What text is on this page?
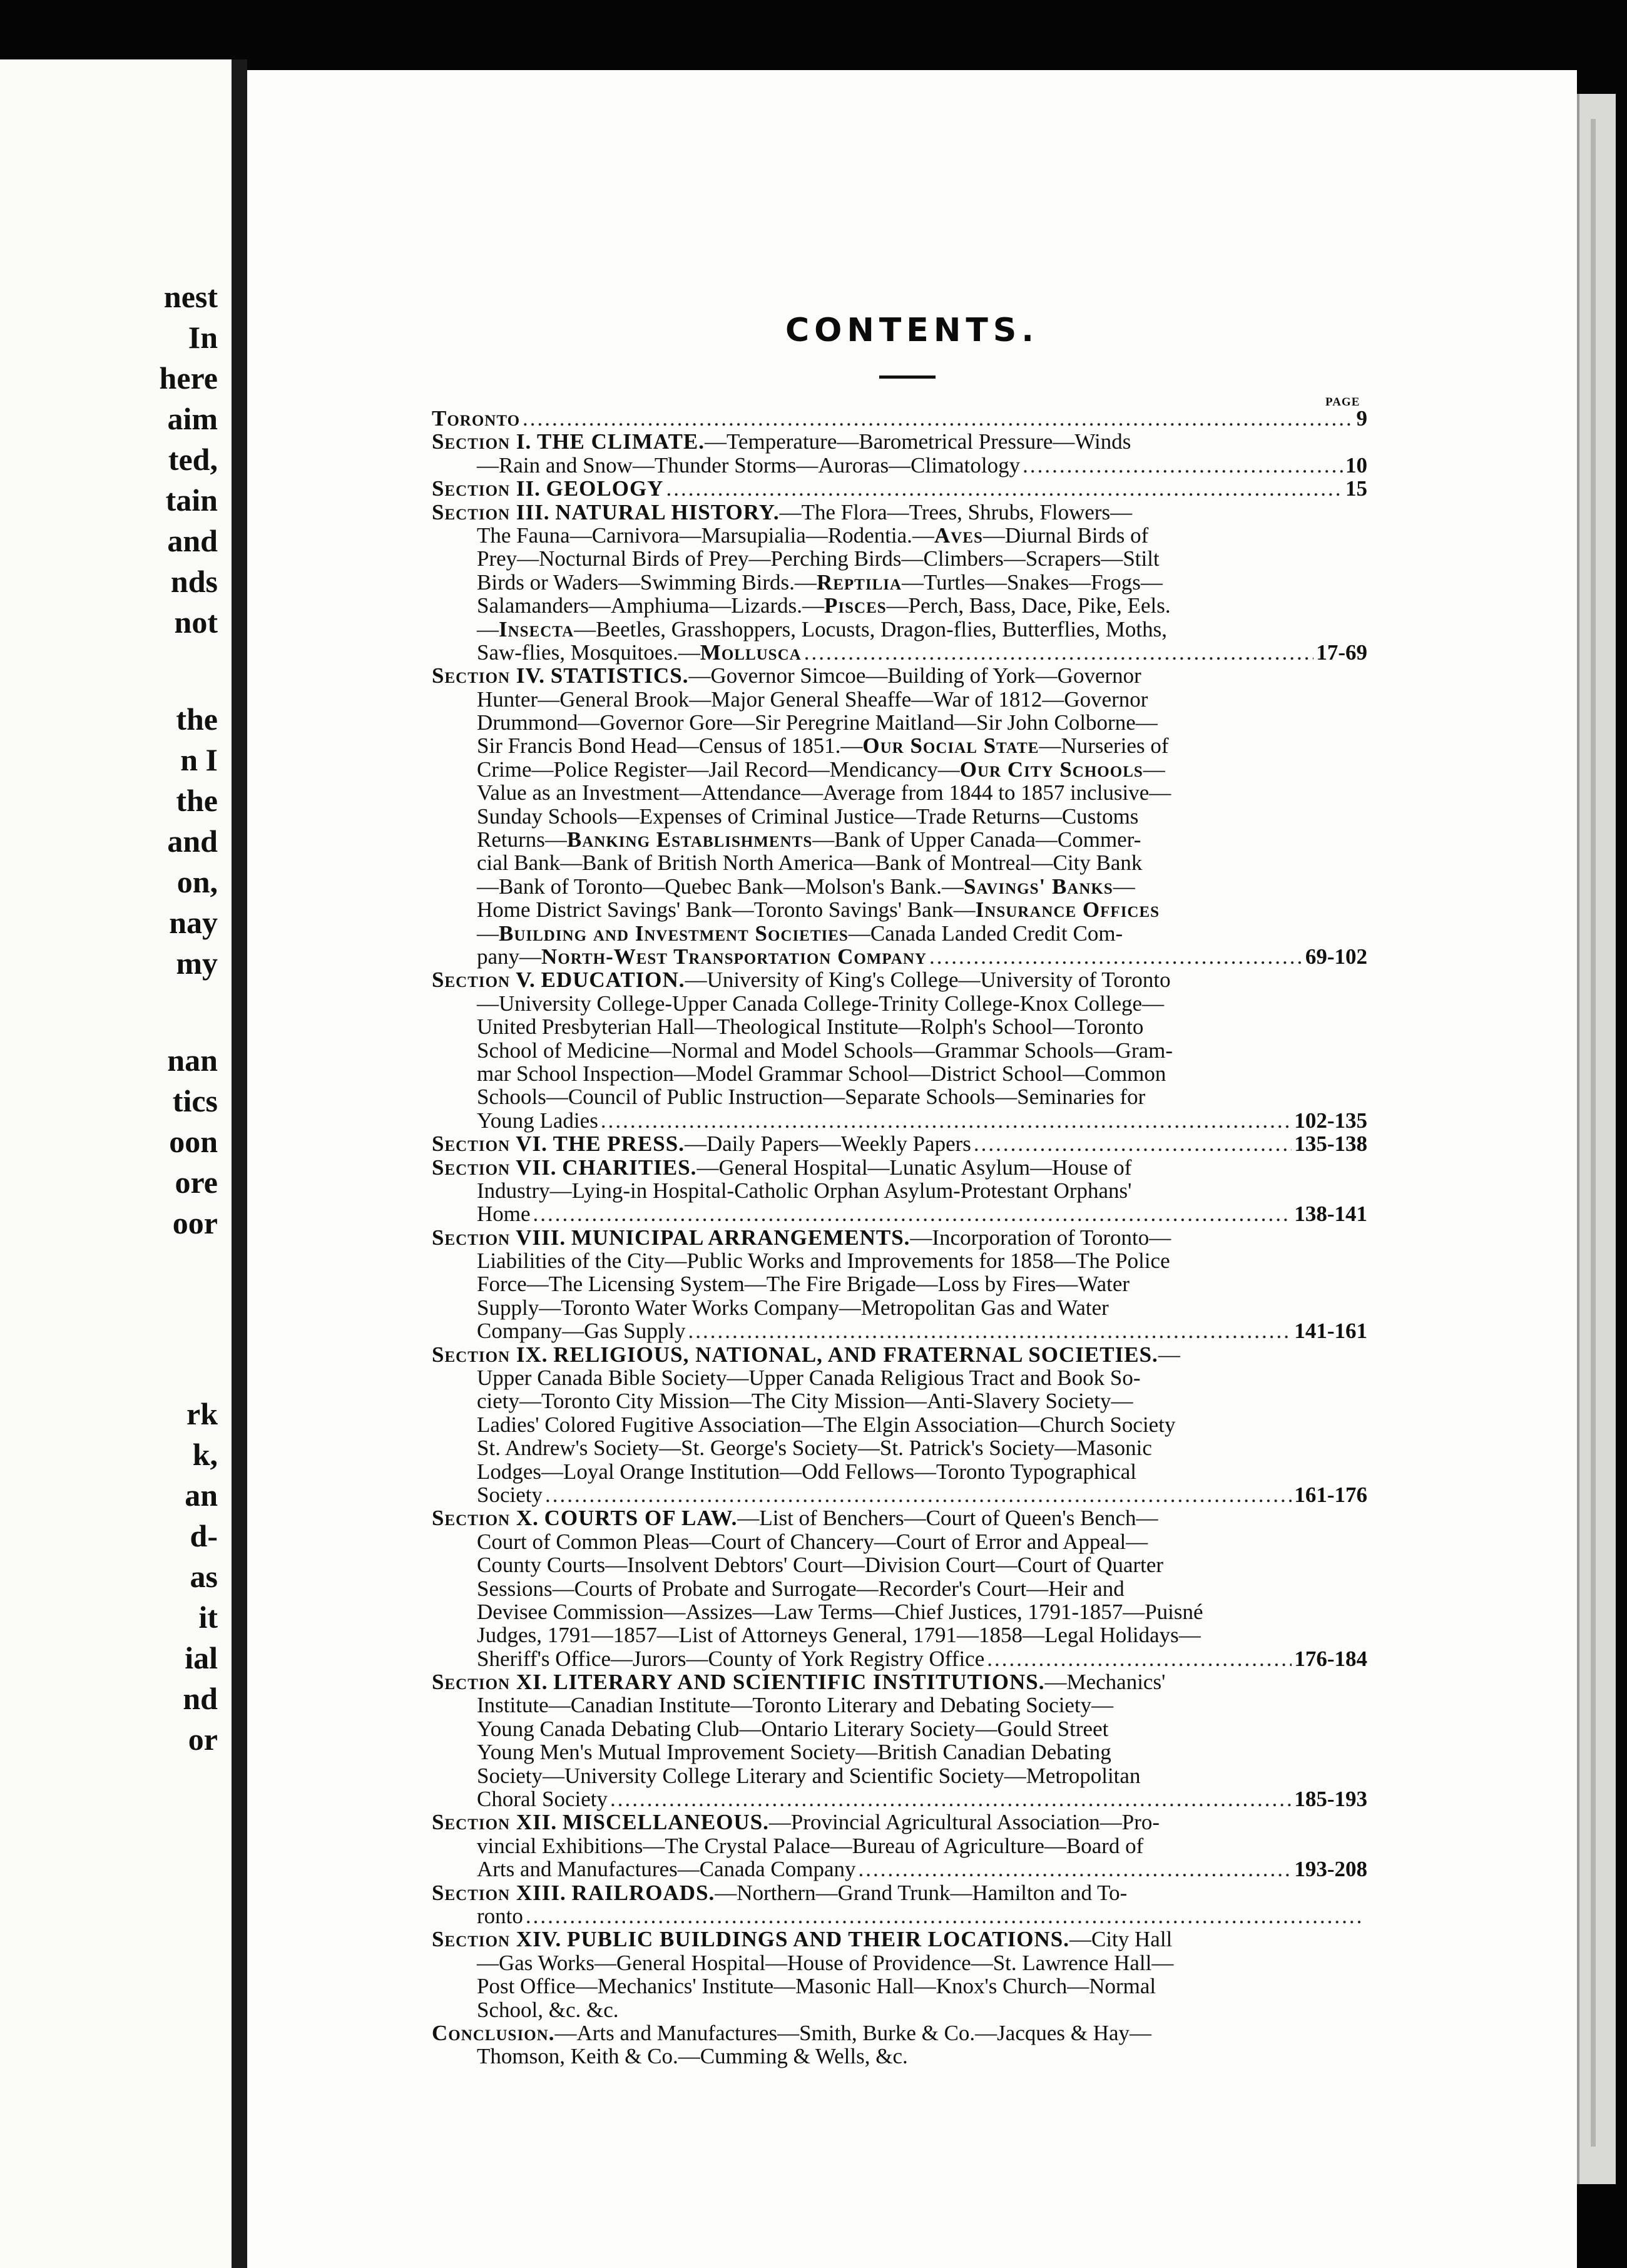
nest
In
here
aim
ted,
tain
and
nds
not
the
n I
the
and
on,
nay
my
nan
tics
oon
ore
oor
rk
k,
an
d-
as
it
ial
nd
or
CONTENTS.
PAGE
Toronto .....	9
Section I. THE CLIMATE.—Temperature—Barometrical Pressure—Winds
—Rain and Snow—Thunder Storms—Auroras—Climatology .....	10
Section II. GEOLOGY .....	15
Section III. NATURAL HISTORY.—The Flora—Trees, Shrubs, Flowers—
The Fauna—Carnivora—Marsupialia—Rodentia.—Aves—Diurnal Birds of
Prey—Nocturnal Birds of Prey—Perching Birds—Climbers—Scrapers—Stilt
Birds or Waders—Swimming Birds.—Reptilia—Turtles—Snakes—Frogs—
Salamanders—Amphiuma—Lizards.—Pisces—Perch, Bass, Dace, Pike, Eels.
—Insecta—Beetles, Grasshoppers, Locusts, Dragon-flies, Butterflies, Moths,
Saw-flies, Mosquitoes.—Mollusca .....	17-69
Section IV. STATISTICS.—Governor Simcoe—Building of York—Governor
Hunter—General Brook—Major General Sheaffe—War of 1812—Governor
Drummond—Governor Gore—Sir Peregrine Maitland—Sir John Colborne—
Sir Francis Bond Head—Census of 1851.—Our Social State—Nurseries of
Crime—Police Register—Jail Record—Mendicancy—Our City Schools—
Value as an Investment—Attendance—Average from 1844 to 1857 inclusive—
Sunday Schools—Expenses of Criminal Justice—Trade Returns—Customs
Returns—Banking Establishments—Bank of Upper Canada—Commer-
cial Bank—Bank of British North America—Bank of Montreal—City Bank
—Bank of Toronto—Quebec Bank—Molson's Bank.—Savings' Banks—
Home District Savings' Bank—Toronto Savings' Bank—Insurance Offices
—Building and Investment Societies—Canada Landed Credit Com-
pany—North-West Transportation Company .....	69-102
Section V. EDUCATION.—University of King's College—University of Toronto
—University College-Upper Canada College-Trinity College-Knox College—
United Presbyterian Hall—Theological Institute—Rolph's School—Toronto
School of Medicine—Normal and Model Schools—Grammar Schools—Gram-
mar School Inspection—Model Grammar School—District School—Common
Schools—Council of Public Instruction—Separate Schools—Seminaries for
Young Ladies .....	102-135
Section VI. THE PRESS.—Daily Papers—Weekly Papers .....	135-138
Section VII. CHARITIES.—General Hospital—Lunatic Asylum—House of
Industry—Lying-in Hospital-Catholic Orphan Asylum-Protestant Orphans'
Home .....	138-141
Section VIII. MUNICIPAL ARRANGEMENTS.—Incorporation of Toronto—
Liabilities of the City—Public Works and Improvements for 1858—The Police
Force—The Licensing System—The Fire Brigade—Loss by Fires—Water
Supply—Toronto Water Works Company—Metropolitan Gas and Water
Company—Gas Supply .....	141-161
Section IX. RELIGIOUS, NATIONAL, AND FRATERNAL SOCIETIES.—
Upper Canada Bible Society—Upper Canada Religious Tract and Book So-
ciety—Toronto City Mission—The City Mission—Anti-Slavery Society—
Ladies' Colored Fugitive Association—The Elgin Association—Church Society
St. Andrew's Society—St. George's Society—St. Patrick's Society—Masonic
Lodges—Loyal Orange Institution—Odd Fellows—Toronto Typographical
Society .....	161-176
Section X. COURTS OF LAW.—List of Benchers—Court of Queen's Bench—
Court of Common Pleas—Court of Chancery—Court of Error and Appeal—
County Courts—Insolvent Debtors' Court—Division Court—Court of Quarter
Sessions—Courts of Probate and Surrogate—Recorder's Court—Heir and
Devisee Commission—Assizes—Law Terms—Chief Justices, 1791-1857—Puisné
Judges, 1791—1857—List of Attorneys General, 1791—1858—Legal Holidays—
Sheriff's Office—Jurors—County of York Registry Office .....	176-184
Section XI. LITERARY AND SCIENTIFIC INSTITUTIONS.—Mechanics'
Institute—Canadian Institute—Toronto Literary and Debating Society—
Young Canada Debating Club—Ontario Literary Society—Gould Street
Young Men's Mutual Improvement Society—British Canadian Debating
Society—University College Literary and Scientific Society—Metropolitan
Choral Society .....	185-193
Section XII. MISCELLANEOUS.—Provincial Agricultural Association—Pro-
vincial Exhibitions—The Crystal Palace—Bureau of Agriculture—Board of
Arts and Manufactures—Canada Company .....	193-208
Section XIII. RAILROADS.—Northern—Grand Trunk—Hamilton and To-
ronto
.....
Section XIV. PUBLIC BUILDINGS AND THEIR LOCATIONS.—City Hall
—Gas Works—General Hospital—House of Providence—St. Lawrence Hall—
Post Office—Mechanics' Institute—Masonic Hall—Knox's Church—Normal
School, &c. &c.
Conclusion.—Arts and Manufactures—Smith, Burke & Co.—Jacques & Hay—
Thomson, Keith & Co.—Cumming & Wells, &c.
